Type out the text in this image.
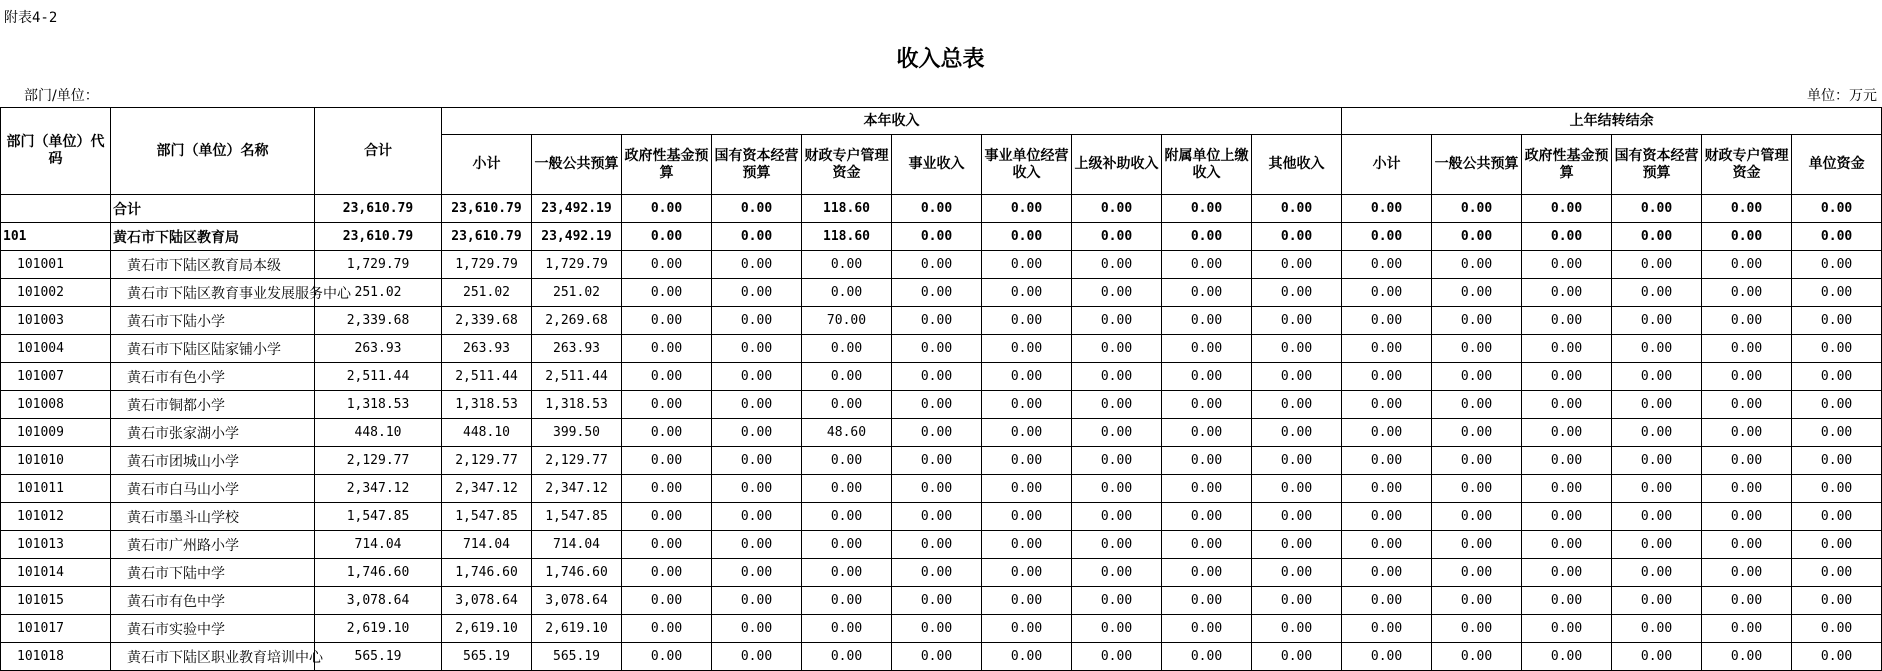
附表4-2
收入总表
部门/单位：	单位：万元
部门（单位）代码	部门（单位）名称	合计	本年收入										上年结转结余					
			小计	一般公共预算	政府性基金预算	国有资本经营预算	财政专户管理资金	事业收入	事业单位经营收入	上级补助收入	附属单位上缴收入	其他收入	小计	一般公共预算	政府性基金预算	国有资本经营预算	财政专户管理资金	单位资金
	合计	23,610.79	23,610.79	23,492.19	0.00	0.00	118.60	0.00	0.00	0.00	0.00	0.00	0.00	0.00	0.00	0.00	0.00	0.00
101	黄石市下陆区教育局	23,610.79	23,610.79	23,492.19	0.00	0.00	118.60	0.00	0.00	0.00	0.00	0.00	0.00	0.00	0.00	0.00	0.00	0.00
101001	黄石市下陆区教育局本级	1,729.79	1,729.79	1,729.79	0.00	0.00	0.00	0.00	0.00	0.00	0.00	0.00	0.00	0.00	0.00	0.00	0.00	0.00
101002	黄石市下陆区教育事业发展服务中心	251.02	251.02	251.02	0.00	0.00	0.00	0.00	0.00	0.00	0.00	0.00	0.00	0.00	0.00	0.00	0.00	0.00
101003	黄石市下陆小学	2,339.68	2,339.68	2,269.68	0.00	0.00	70.00	0.00	0.00	0.00	0.00	0.00	0.00	0.00	0.00	0.00	0.00	0.00
101004	黄石市下陆区陆家铺小学	263.93	263.93	263.93	0.00	0.00	0.00	0.00	0.00	0.00	0.00	0.00	0.00	0.00	0.00	0.00	0.00	0.00
101007	黄石市有色小学	2,511.44	2,511.44	2,511.44	0.00	0.00	0.00	0.00	0.00	0.00	0.00	0.00	0.00	0.00	0.00	0.00	0.00	0.00
101008	黄石市铜都小学	1,318.53	1,318.53	1,318.53	0.00	0.00	0.00	0.00	0.00	0.00	0.00	0.00	0.00	0.00	0.00	0.00	0.00	0.00
101009	黄石市张家湖小学	448.10	448.10	399.50	0.00	0.00	48.60	0.00	0.00	0.00	0.00	0.00	0.00	0.00	0.00	0.00	0.00	0.00
101010	黄石市团城山小学	2,129.77	2,129.77	2,129.77	0.00	0.00	0.00	0.00	0.00	0.00	0.00	0.00	0.00	0.00	0.00	0.00	0.00	0.00
101011	黄石市白马山小学	2,347.12	2,347.12	2,347.12	0.00	0.00	0.00	0.00	0.00	0.00	0.00	0.00	0.00	0.00	0.00	0.00	0.00	0.00
101012	黄石市墨斗山学校	1,547.85	1,547.85	1,547.85	0.00	0.00	0.00	0.00	0.00	0.00	0.00	0.00	0.00	0.00	0.00	0.00	0.00	0.00
101013	黄石市广州路小学	714.04	714.04	714.04	0.00	0.00	0.00	0.00	0.00	0.00	0.00	0.00	0.00	0.00	0.00	0.00	0.00	0.00
101014	黄石市下陆中学	1,746.60	1,746.60	1,746.60	0.00	0.00	0.00	0.00	0.00	0.00	0.00	0.00	0.00	0.00	0.00	0.00	0.00	0.00
101015	黄石市有色中学	3,078.64	3,078.64	3,078.64	0.00	0.00	0.00	0.00	0.00	0.00	0.00	0.00	0.00	0.00	0.00	0.00	0.00	0.00
101017	黄石市实验中学	2,619.10	2,619.10	2,619.10	0.00	0.00	0.00	0.00	0.00	0.00	0.00	0.00	0.00	0.00	0.00	0.00	0.00	0.00
101018	黄石市下陆区职业教育培训中心	565.19	565.19	565.19	0.00	0.00	0.00	0.00	0.00	0.00	0.00	0.00	0.00	0.00	0.00	0.00	0.00	0.00
